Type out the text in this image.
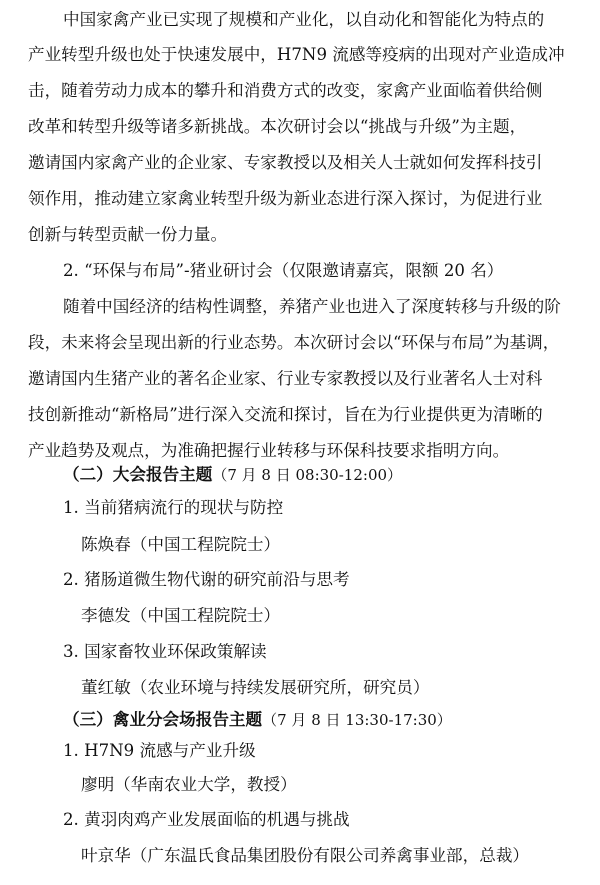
中国家禽产业已实现了规模和产业化，以自动化和智能化为特点的
产业转型升级也处于快速发展中，H7N9 流感等疫病的出现对产业造成冲
击，随着劳动力成本的攀升和消费方式的改变，家禽产业面临着供给侧
改革和转型升级等诸多新挑战。本次研讨会以“挑战与升级”为主题，
邀请国内家禽产业的企业家、专家教授以及相关人士就如何发挥科技引
领作用，推动建立家禽业转型升级为新业态进行深入探讨，为促进行业
创新与转型贡献一份力量。
2. “环保与布局”-猪业研讨会（仅限邀请嘉宾，限额 20 名）
随着中国经济的结构性调整，养猪产业也进入了深度转移与升级的阶
段，未来将会呈现出新的行业态势。本次研讨会以“环保与布局”为基调，
邀请国内生猪产业的著名企业家、行业专家教授以及行业著名人士对科
技创新推动“新格局”进行深入交流和探讨，旨在为行业提供更为清晰的
产业趋势及观点，为准确把握行业转移与环保科技要求指明方向。
（二）大会报告主题（7 月 8 日 08:30-12:00）
1. 当前猪病流行的现状与防控
陈焕春（中国工程院院士）
2. 猪肠道微生物代谢的研究前沿与思考
李德发（中国工程院院士）
3. 国家畜牧业环保政策解读
董红敏（农业环境与持续发展研究所，研究员）
（三）禽业分会场报告主题（7 月 8 日 13:30-17:30）
1. H7N9 流感与产业升级
廖明（华南农业大学，教授）
2. 黄羽肉鸡产业发展面临的机遇与挑战
叶京华（广东温氏食品集团股份有限公司养禽事业部，总裁）
